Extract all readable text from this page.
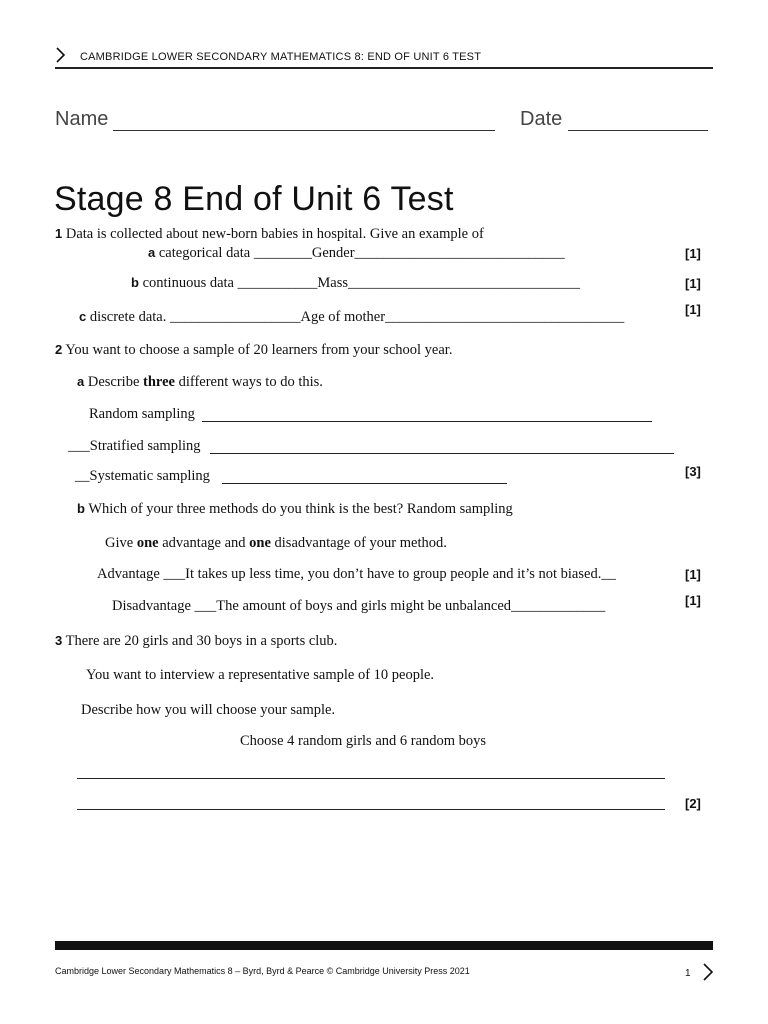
CAMBRIDGE LOWER SECONDARY MATHEMATICS 8: END OF UNIT 6 TEST
Name	Date
Stage 8 End of Unit 6 Test
1 Data is collected about new-born babies in hospital. Give an example of
a categorical data ________Gender_____________________________	[1]
b continuous data ___________Mass________________________________	[1]
c discrete data. __________________Age of mother_________________________________	[1]
2 You want to choose a sample of 20 learners from your school year.
a Describe three different ways to do this.
Random sampling
___Stratified sampling
__Systematic sampling	[3]
b Which of your three methods do you think is the best? Random sampling
Give one advantage and one disadvantage of your method.
Advantage ___It takes up less time, you don’t have to group people and it’s not biased.__	[1]
Disadvantage ___The amount of boys and girls might be unbalanced_____________	[1]
3 There are 20 girls and 30 boys in a sports club.
You want to interview a representative sample of 10 people.
Describe how you will choose your sample.
Choose 4 random girls and 6 random boys
[2]
Cambridge Lower Secondary Mathematics 8 – Byrd, Byrd & Pearce © Cambridge University Press 2021	1
